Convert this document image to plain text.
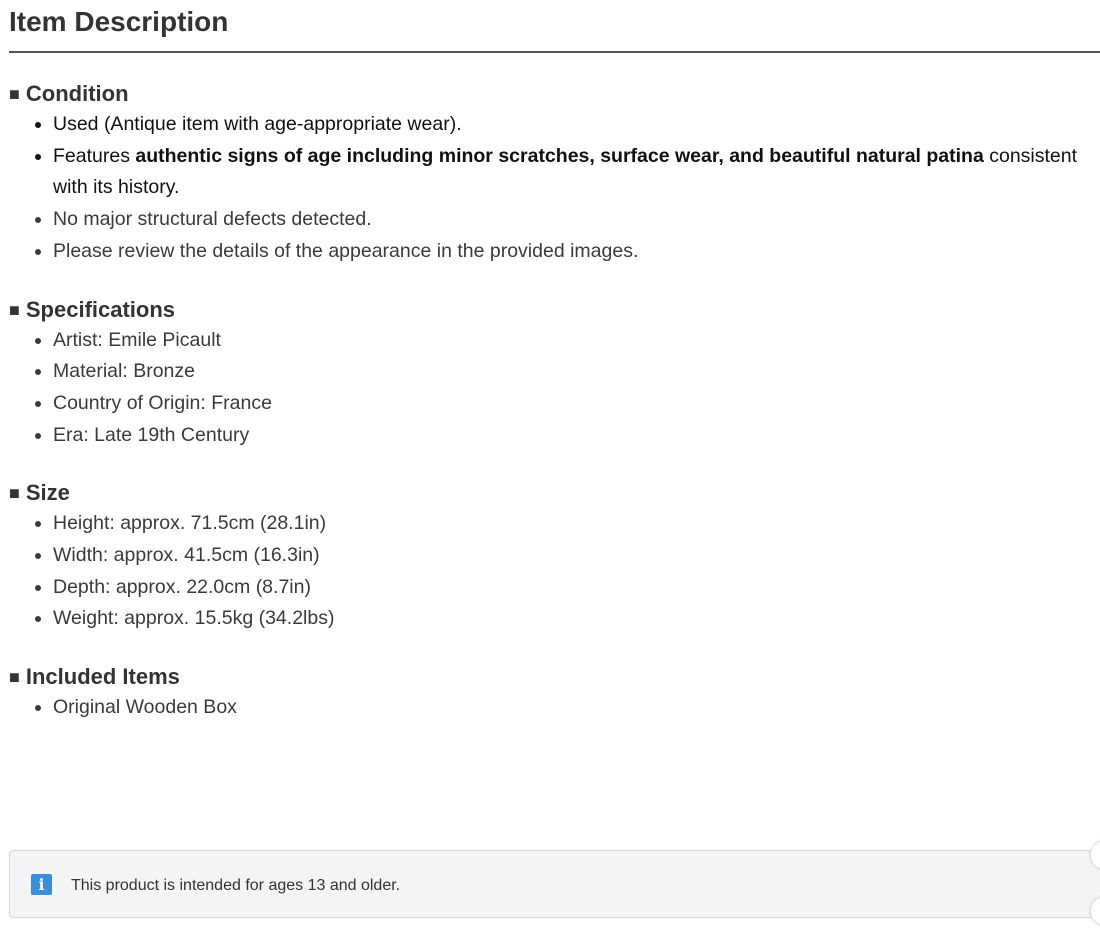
Item Description
■ Condition
• Used (Antique item with age-appropriate wear).
• Features authentic signs of age including minor scratches, surface wear, and beautiful natural patina consistent with its history.
• No major structural defects detected.
• Please review the details of the appearance in the provided images.
■ Specifications
• Artist: Emile Picault
• Material: Bronze
• Country of Origin: France
• Era: Late 19th Century
■ Size
• Height: approx. 71.5cm (28.1in)
• Width: approx. 41.5cm (16.3in)
• Depth: approx. 22.0cm (8.7in)
• Weight: approx. 15.5kg (34.2lbs)
■ Included Items
• Original Wooden Box
i	This product is intended for ages 13 and older.
